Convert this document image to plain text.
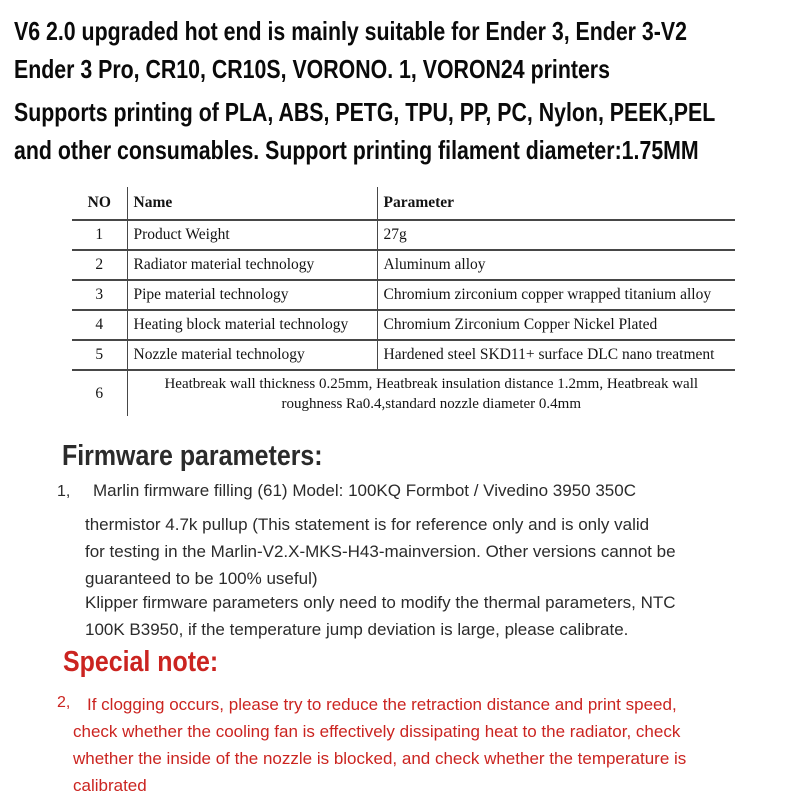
V6 2.0 upgraded hot end is mainly suitable for Ender 3, Ender 3-V2
Ender 3 Pro, CR10, CR10S, VORONO. 1, VORON24 printers

Supports printing of PLA, ABS, PETG, TPU, PP, PC, Nylon, PEEK,PEL
and other consumables. Support printing filament diameter:1.75MM

NO	Name	Parameter
1	Product Weight	27g
2	Radiator material technology	Aluminum alloy
3	Pipe material technology	Chromium zirconium copper wrapped titanium alloy
4	Heating block material technology	Chromium Zirconium Copper Nickel Plated
5	Nozzle material technology	Hardened steel SKD11+ surface DLC nano treatment
6	Heatbreak wall thickness 0.25mm, Heatbreak insulation distance 1.2mm, Heatbreak wall
roughness Ra0.4,standard nozzle diameter 0.4mm	
Firmware parameters:
1, Marlin firmware filling (61) Model: 100KQ Formbot / Vivedino 3950 350C
thermistor 4.7k pullup (This statement is for reference only and is only valid
for testing in the Marlin-V2.X-MKS-H43-mainversion. Other versions cannot be
guaranteed to be 100% useful)
Klipper firmware parameters only need to modify the thermal parameters, NTC
100K B3950, if the temperature jump deviation is large, please calibrate.
Special note:
2, If clogging occurs, please try to reduce the retraction distance and print speed,
check whether the cooling fan is effectively dissipating heat to the radiator, check
whether the inside of the nozzle is blocked, and check whether the temperature is
calibrated
